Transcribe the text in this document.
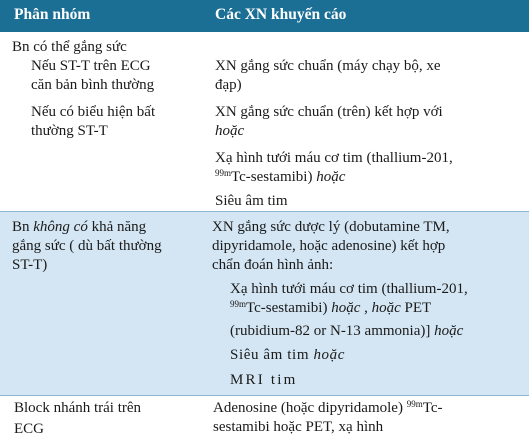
Phân nhóm	Các XN khuyến cáo
Bn có thể gắng sức
Nếu ST-T trên ECG
căn bản bình thường
XN gắng sức chuẩn (máy chạy bộ, xe
đạp)
Nếu có biểu hiện bất
thường ST-T
XN gắng sức chuẩn (trên) kết hợp với
hoặc
Xạ hình tưới máu cơ tim (thallium-201,
$^{99m}$Tc-sestamibi) hoặc
Siêu âm tim
Bn không có khả năng
gắng sức ( dù bất thường
ST-T)
XN gắng sức dược lý (dobutamine TM,
dipyridamole, hoặc adenosine) kết hợp
chẩn đoán hình ảnh:
Xạ hình tưới máu cơ tim (thallium-201,
$^{99m}$Tc-sestamibi) hoặc , hoặc PET
(rubidium-82 or N-13 ammonia)] hoặc
Siêu âm tim hoặc
MRI tim
Block nhánh trái trên
ECG
Adenosine (hoặc dipyridamole) $^{99m}$Tc-
sestamibi hoặc PET, xạ hình
